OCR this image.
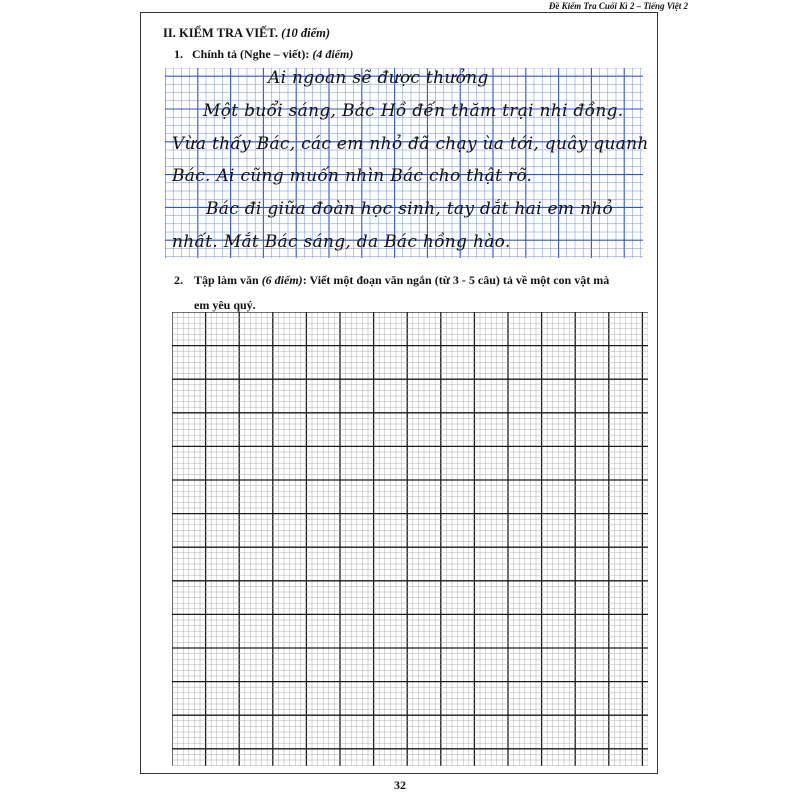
Đề Kiểm Tra Cuối Kì 2 – Tiếng Việt 2
II. KIỂM TRA VIẾT. (10 điểm)
1. Chính tả (Nghe – viết): (4 điểm)
Ai ngoan sẽ được thưởng
Một buổi sáng, Bác Hồ đến thăm trại nhi đồng.
Vừa thấy Bác, các em nhỏ đã chạy ùa tới, quây quanh
Bác. Ai cũng muốn nhìn Bác cho thật rõ.
Bác đi giữa đoàn học sinh, tay dắt hai em nhỏ
nhất. Mắt Bác sáng, da Bác hồng hào.
2. Tập làm văn (6 điểm): Viết một đoạn văn ngắn (từ 3 - 5 câu) tả về một con vật mà
em yêu quý.
32
